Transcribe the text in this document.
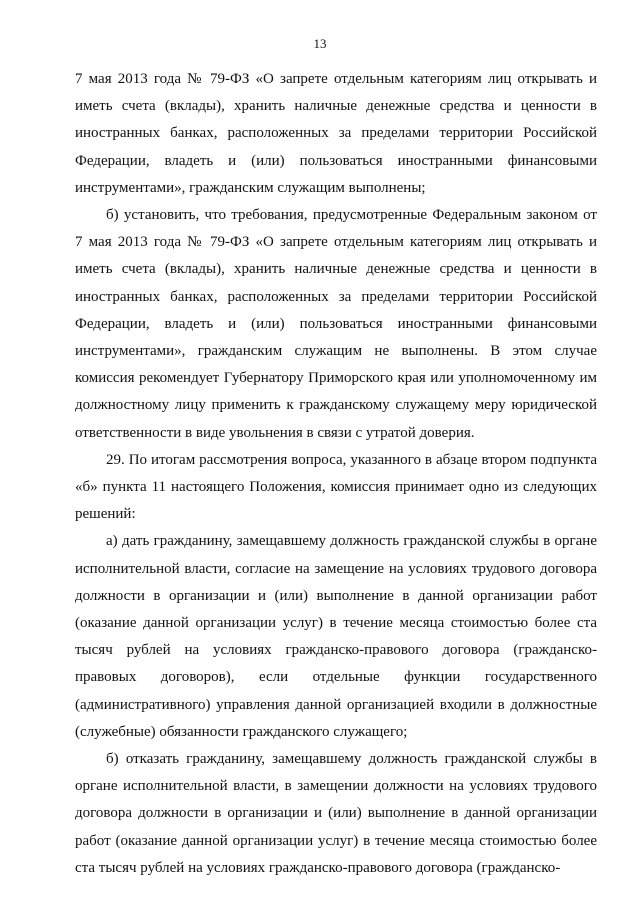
13

7 мая 2013 года № 79-ФЗ «О запрете отдельным категориям лиц открывать и иметь счета (вклады), хранить наличные денежные средства и ценности в иностранных банках, расположенных за пределами территории Российской Федерации, владеть и (или) пользоваться иностранными финансовыми инструментами», гражданским служащим выполнены;

б) установить, что требования, предусмотренные Федеральным законом от 7 мая 2013 года № 79-ФЗ «О запрете отдельным категориям лиц открывать и иметь счета (вклады), хранить наличные денежные средства и ценности в иностранных банках, расположенных за пределами территории Российской Федерации, владеть и (или) пользоваться иностранными финансовыми инструментами», гражданским служащим не выполнены. В этом случае комиссия рекомендует Губернатору Приморского края или уполномоченному им должностному лицу применить к гражданскому служащему меру юридической ответственности в виде увольнения в связи с утратой доверия.

29. По итогам рассмотрения вопроса, указанного в абзаце втором подпункта «б» пункта 11 настоящего Положения, комиссия принимает одно из следующих решений:

а) дать гражданину, замещавшему должность гражданской службы в органе исполнительной власти, согласие на замещение на условиях трудового договора должности в организации и (или) выполнение в данной организации работ (оказание данной организации услуг) в течение месяца стоимостью более ста тысяч рублей на условиях гражданско-правового договора (гражданско-правовых договоров), если отдельные функции государственного (административного) управления данной организацией входили в должностные (служебные) обязанности гражданского служащего;

б) отказать гражданину, замещавшему должность гражданской службы в органе исполнительной власти, в замещении должности на условиях трудового договора должности в организации и (или) выполнение в данной организации работ (оказание данной организации услуг) в течение месяца стоимостью более ста тысяч рублей на условиях гражданско-правового договора (гражданско-
